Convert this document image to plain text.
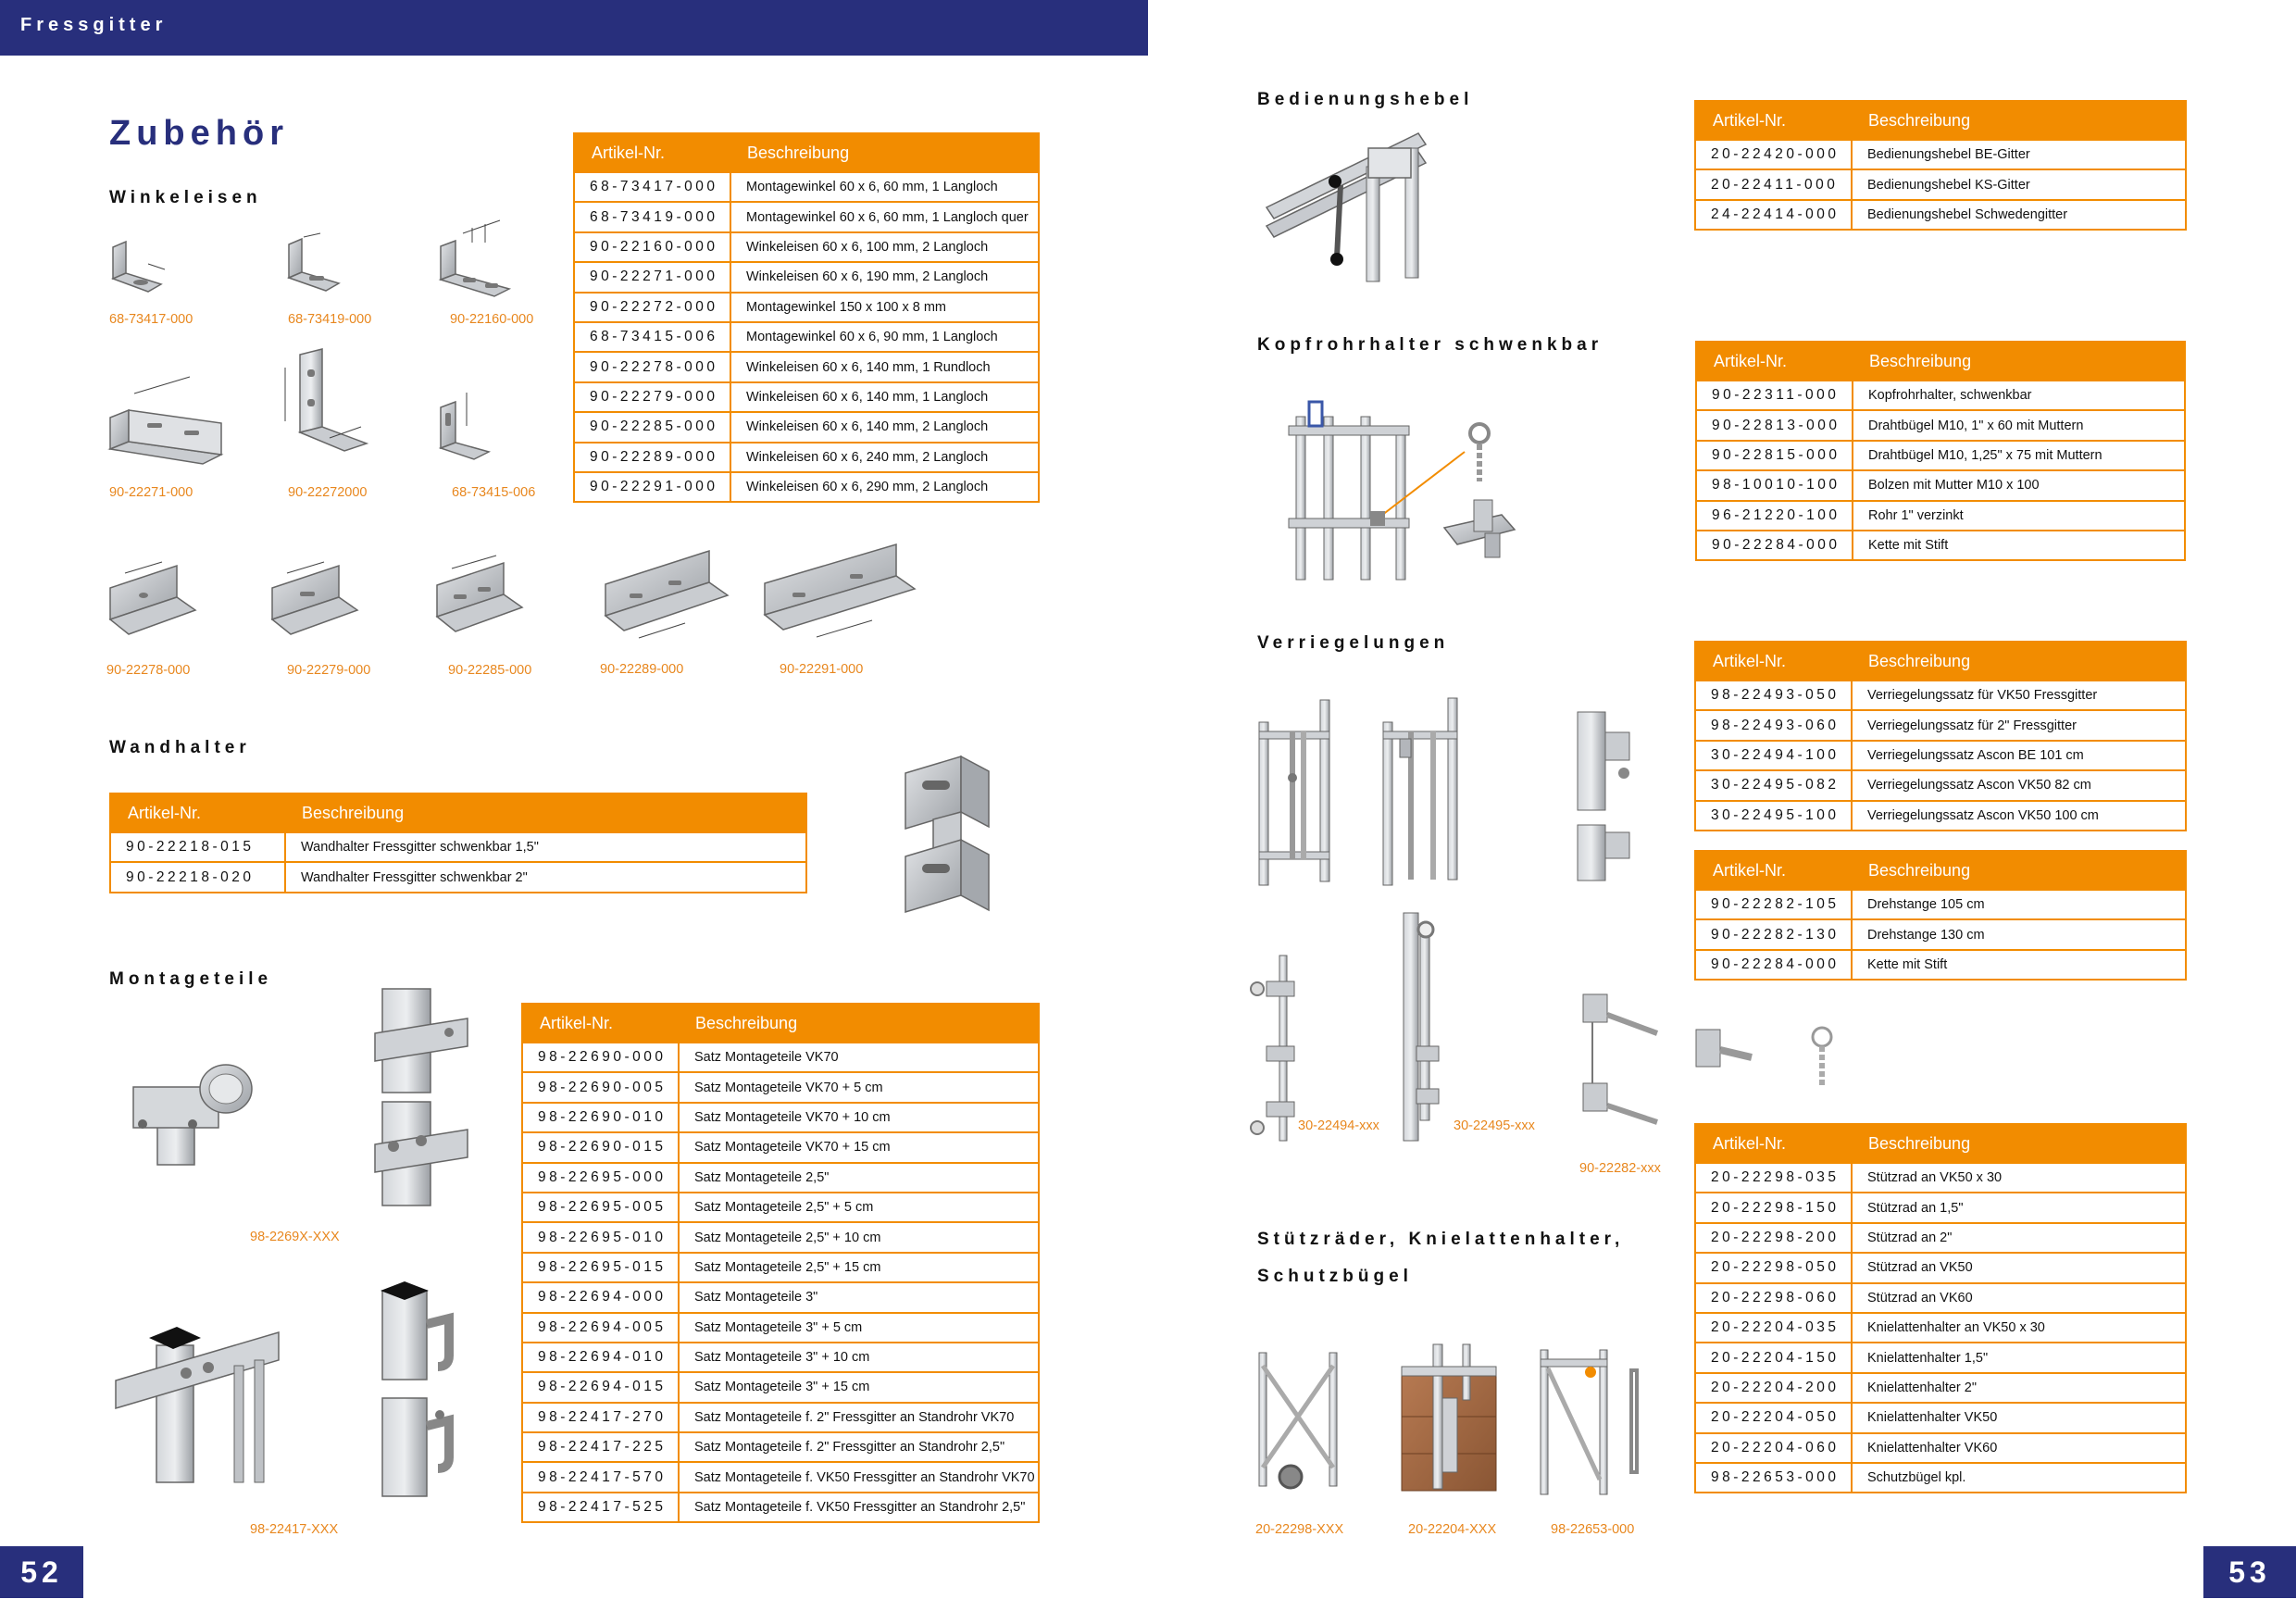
Fressgitter
Zubehör
Winkeleisen
68-73417-000	68-73419-000	90-22160-000
90-22271-000	90-22272000	68-73415-006
90-22278-000	90-22279-000	90-22285-000	90-22289-000	90-22291-000
Artikel-Nr.	Beschreibung
68-73417-000	Montagewinkel 60 x 6, 60 mm, 1 Langloch
68-73419-000	Montagewinkel 60 x 6, 60 mm, 1 Langloch quer
90-22160-000	Winkeleisen 60 x 6, 100 mm, 2 Langloch
90-22271-000	Winkeleisen 60 x 6, 190 mm, 2 Langloch
90-22272-000	Montagewinkel 150 x 100 x 8 mm
68-73415-006	Montagewinkel 60 x 6, 90 mm, 1 Langloch
90-22278-000	Winkeleisen 60 x 6, 140 mm, 1 Rundloch
90-22279-000	Winkeleisen 60 x 6, 140 mm, 1 Langloch
90-22285-000	Winkeleisen 60 x 6, 140 mm, 2 Langloch
90-22289-000	Winkeleisen 60 x 6, 240 mm, 2 Langloch
90-22291-000	Winkeleisen 60 x 6, 290 mm, 2 Langloch
Wandhalter
Artikel-Nr.	Beschreibung
90-22218-015	Wandhalter Fressgitter schwenkbar 1,5"
90-22218-020	Wandhalter Fressgitter schwenkbar 2"
Montageteile
98-2269X-XXX
98-22417-XXX
Artikel-Nr.	Beschreibung
98-22690-000	Satz Montageteile VK70
98-22690-005	Satz Montageteile VK70 + 5 cm
98-22690-010	Satz Montageteile VK70 + 10 cm
98-22690-015	Satz Montageteile VK70 + 15 cm
98-22695-000	Satz Montageteile 2,5"
98-22695-005	Satz Montageteile 2,5" + 5 cm
98-22695-010	Satz Montageteile 2,5" + 10 cm
98-22695-015	Satz Montageteile 2,5" + 15 cm
98-22694-000	Satz Montageteile 3"
98-22694-005	Satz Montageteile 3" + 5 cm
98-22694-010	Satz Montageteile 3" + 10 cm
98-22694-015	Satz Montageteile 3" + 15 cm
98-22417-270	Satz Montageteile f. 2" Fressgitter an Standrohr VK70
98-22417-225	Satz Montageteile f. 2" Fressgitter an Standrohr 2,5"
98-22417-570	Satz Montageteile f. VK50 Fressgitter an Standrohr VK70
98-22417-525	Satz Montageteile f. VK50 Fressgitter an Standrohr 2,5"
52
Bedienungshebel
Artikel-Nr.	Beschreibung
20-22420-000	Bedienungshebel BE-Gitter
20-22411-000	Bedienungshebel KS-Gitter
24-22414-000	Bedienungshebel Schwedengitter
Kopfrohrhalter schwenkbar
Artikel-Nr.	Beschreibung
90-22311-000	Kopfrohrhalter, schwenkbar
90-22813-000	Drahtbügel M10, 1" x 60 mit Muttern
90-22815-000	Drahtbügel M10, 1,25" x 75 mit Muttern
98-10010-100	Bolzen mit Mutter M10 x 100
96-21220-100	Rohr 1" verzinkt
90-22284-000	Kette mit Stift
Verriegelungen
Artikel-Nr.	Beschreibung
98-22493-050	Verriegelungssatz für VK50 Fressgitter
98-22493-060	Verriegelungssatz für 2" Fressgitter
30-22494-100	Verriegelungssatz Ascon BE 101 cm
30-22495-082	Verriegelungssatz Ascon VK50 82 cm
30-22495-100	Verriegelungssatz Ascon VK50 100 cm
Artikel-Nr.	Beschreibung
90-22282-105	Drehstange 105 cm
90-22282-130	Drehstange 130 cm
90-22284-000	Kette mit Stift
30-22494-xxx	30-22495-xxx
90-22282-xxx
Stützräder, Knielattenhalter,
Schutzbügel
20-22298-XXX	20-22204-XXX	98-22653-000
Artikel-Nr.	Beschreibung
20-22298-035	Stützrad an VK50 x 30
20-22298-150	Stützrad an 1,5"
20-22298-200	Stützrad an 2"
20-22298-050	Stützrad an VK50
20-22298-060	Stützrad an VK60
20-22204-035	Knielattenhalter an VK50 x 30
20-22204-150	Knielattenhalter 1,5"
20-22204-200	Knielattenhalter 2"
20-22204-050	Knielattenhalter VK50
20-22204-060	Knielattenhalter VK60
98-22653-000	Schutzbügel kpl.
53
